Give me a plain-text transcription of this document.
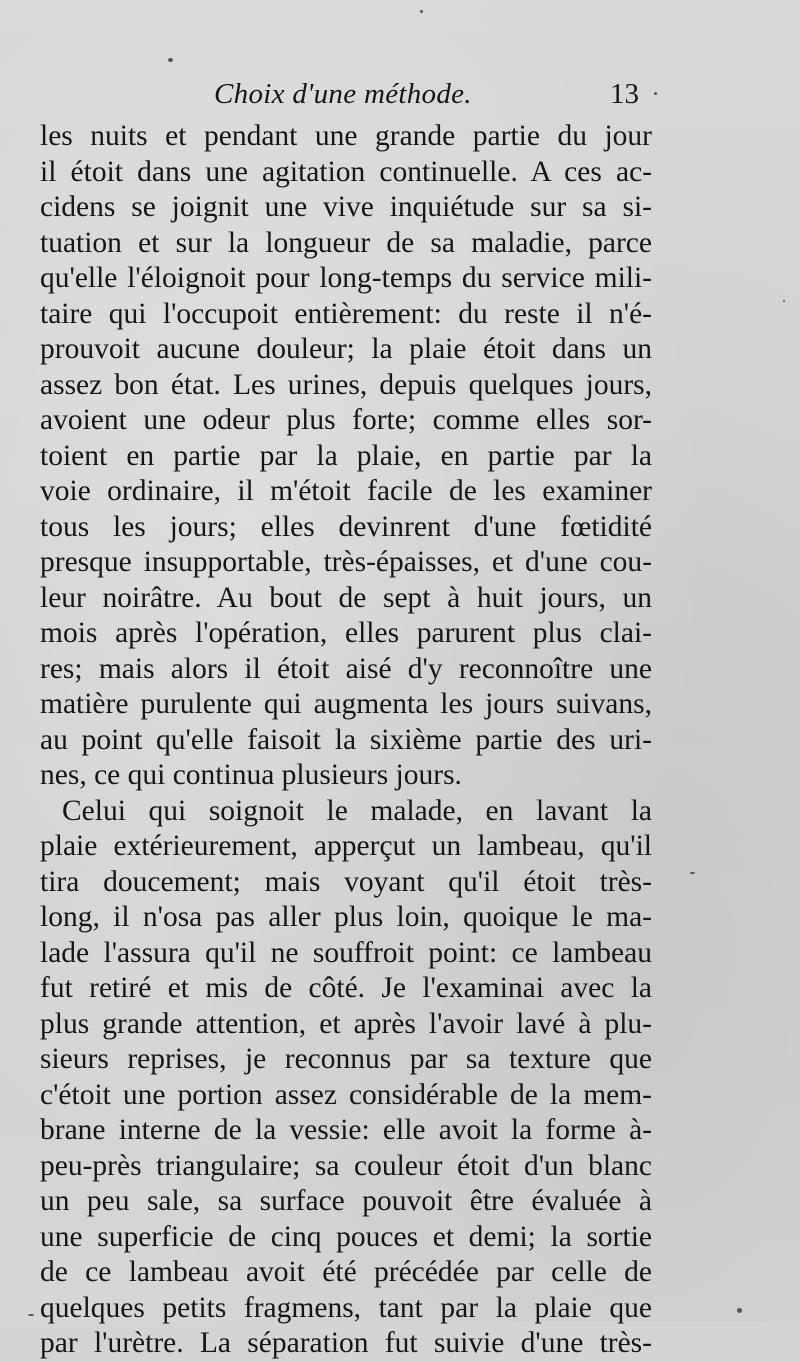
Choix d'une méthode.	13
les nuits et pendant une grande partie du jour
il étoit dans une agitation continuelle. A ces ac-
cidens se joignit une vive inquiétude sur sa si-
tuation et sur la longueur de sa maladie, parce
qu'elle l'éloignoit pour long-temps du service mili-
taire qui l'occupoit entièrement: du reste il n'é-
prouvoit aucune douleur; la plaie étoit dans un
assez bon état. Les urines, depuis quelques jours,
avoient une odeur plus forte; comme elles sor-
toient en partie par la plaie, en partie par la
voie ordinaire, il m'étoit facile de les examiner
tous les jours; elles devinrent d'une fœtidité
presque insupportable, très-épaisses, et d'une cou-
leur noirâtre. Au bout de sept à huit jours, un
mois après l'opération, elles parurent plus clai-
res; mais alors il étoit aisé d'y reconnoître une
matière purulente qui augmenta les jours suivans,
au point qu'elle faisoit la sixième partie des uri-
nes, ce qui continua plusieurs jours.
Celui qui soignoit le malade, en lavant la
plaie extérieurement, apperçut un lambeau, qu'il
tira doucement; mais voyant qu'il étoit très-
long, il n'osa pas aller plus loin, quoique le ma-
lade l'assura qu'il ne souffroit point: ce lambeau
fut retiré et mis de côté. Je l'examinai avec la
plus grande attention, et après l'avoir lavé à plu-
sieurs reprises, je reconnus par sa texture que
c'étoit une portion assez considérable de la mem-
brane interne de la vessie: elle avoit la forme à-
peu-près triangulaire; sa couleur étoit d'un blanc
un peu sale, sa surface pouvoit être évaluée à
une superficie de cinq pouces et demi; la sortie
de ce lambeau avoit été précédée par celle de
quelques petits fragmens, tant par la plaie que
par l'urètre. La séparation fut suivie d'une très-
